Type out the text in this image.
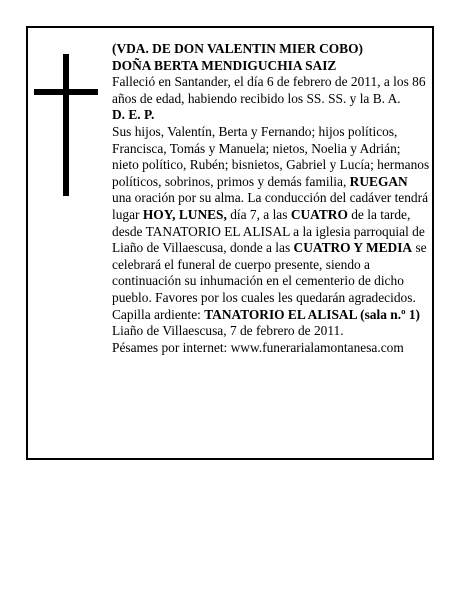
(VDA. DE DON VALENTIN MIER COBO)

DOÑA BERTA MENDIGUCHIA SAIZ

Falleció en Santander, el día 6 de febrero de 2011, a los 86 años de edad, habiendo recibido los SS. SS. y la B. A.

D. E. P.

Sus hijos, Valentín, Berta y Fernando; hijos políticos, Francisca, Tomás y Manuela; nietos, Noelia y Adrián; nieto político, Rubén; bisnietos, Gabriel y Lucía; hermanos políticos, sobrinos, primos y demás familia, RUEGAN una oración por su alma. La conducción del cadáver tendrá lugar HOY, LUNES, día 7, a las CUATRO de la tarde, desde TANATORIO EL ALISAL a la iglesia parroquial de Liaño de Villaescusa, donde a las CUATRO Y MEDIA se celebrará el funeral de cuerpo presente, siendo a continuación su inhumación en el cementerio de dicho pueblo. Favores por los cuales les quedarán agradecidos. Capilla ardiente: TANATORIO EL ALISAL (sala n.º 1)

Liaño de Villaescusa, 7 de febrero de 2011.

Pésames por internet: www.funerarialamontanesa.com
